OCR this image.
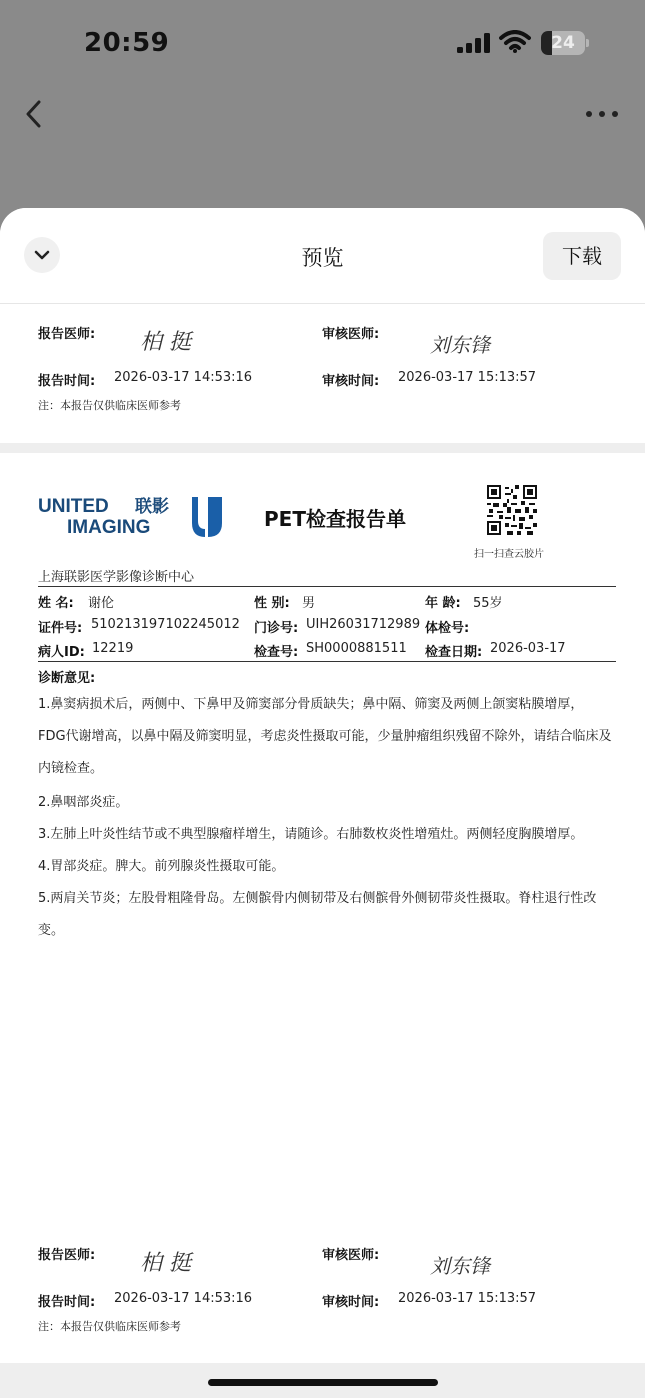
20:59	24
预览	下载
报告医师: 柏 挺	审核医师:	刘东锋
报告时间: 2026-03-17 14:53:16	审核时间: 2026-03-17 15:13:57
注：本报告仅供临床医师参考
UNITED 联影
IMAGING	PET检查报告单
扫一扫查云胶片
上海联影医学影像诊断中心
姓 名: 谢伦	性 别: 男	年 龄: 55岁
证件号: 510213197102245012 门诊号: UIH26031712989 体检号:
病人ID: 12219	检查号: SH0000881511 检查日期: 2026-03-17
诊断意见:
1.鼻窦病损术后，两侧中、下鼻甲及筛窦部分骨质缺失；鼻中隔、筛窦及两侧上颌窦粘膜增厚，
FDG代谢增高，以鼻中隔及筛窦明显，考虑炎性摄取可能，少量肿瘤组织残留不除外，请结合临床及
内镜检查。
2.鼻咽部炎症。
3.左肺上叶炎性结节或不典型腺瘤样增生，请随诊。右肺数枚炎性增殖灶。两侧轻度胸膜增厚。
4.胃部炎症。脾大。前列腺炎性摄取可能。
5.两肩关节炎；左股骨粗隆骨岛。左侧髌骨内侧韧带及右侧髌骨外侧韧带炎性摄取。脊柱退行性改
变。
报告医师: 柏 挺	审核医师:	刘东锋
报告时间: 2026-03-17 14:53:16	审核时间: 2026-03-17 15:13:57
注：本报告仅供临床医师参考
